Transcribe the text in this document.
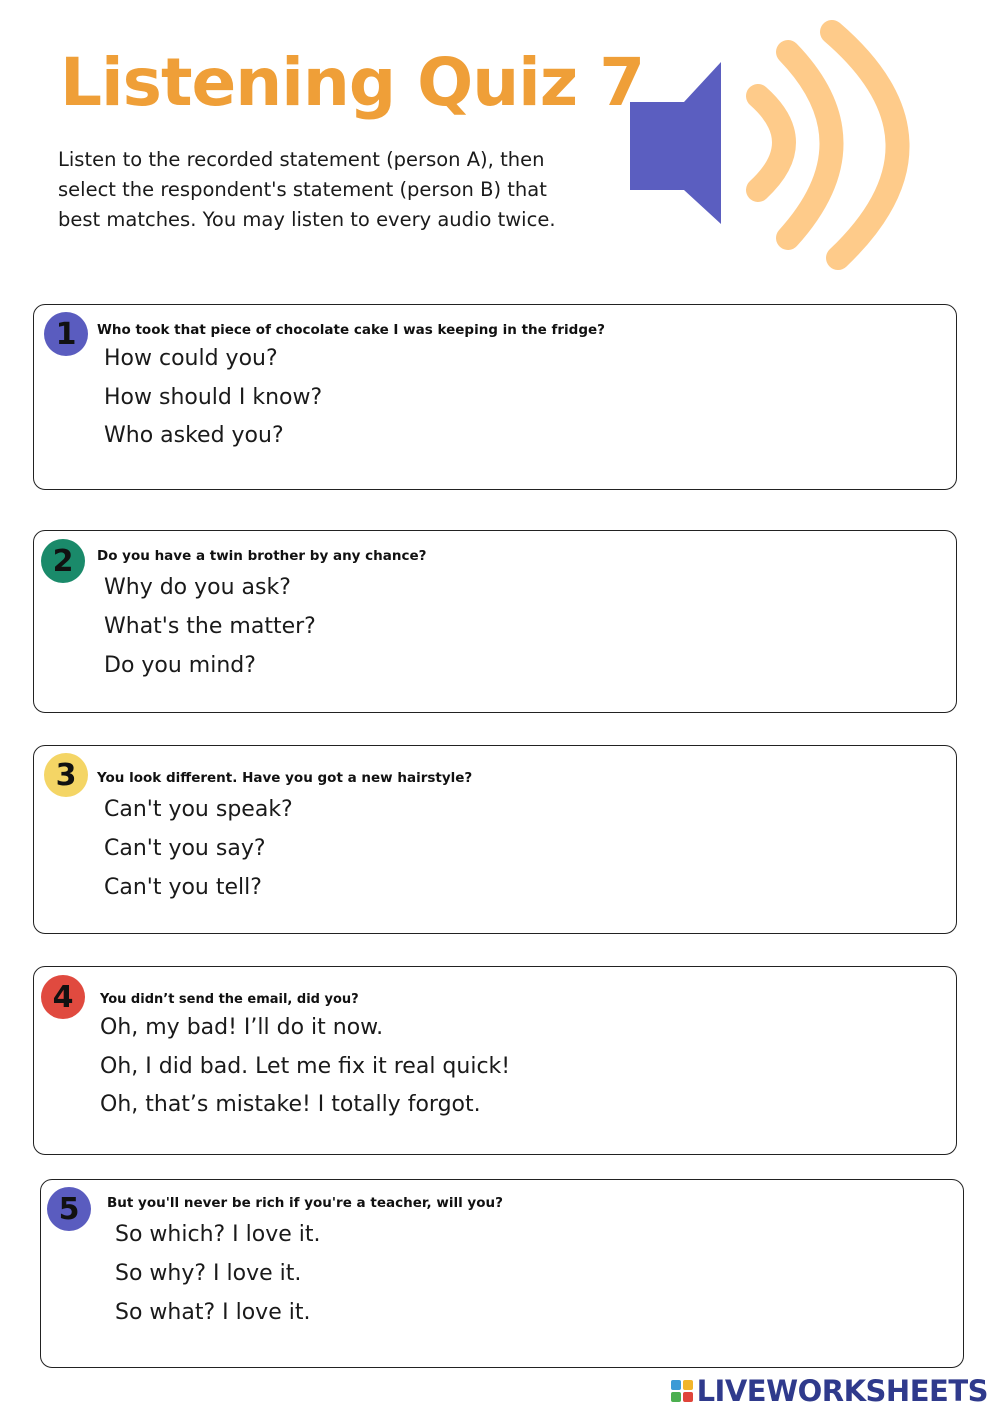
Listening Quiz 7
Listen to the recorded statement (person A), then select the respondent's statement (person B) that best matches. You may listen to every audio twice.
1	Who took that piece of chocolate cake I was keeping in the fridge?
How could you?
How should I know?
Who asked you?
2	Do you have a twin brother by any chance?
Why do you ask?
What's the matter?
Do you mind?
3	You look different. Have you got a new hairstyle?
Can't you speak?
Can't you say?
Can't you tell?
4	You didn’t send the email, did you?
Oh, my bad! I’ll do it now.
Oh, I did bad. Let me fix it real quick!
Oh, that’s mistake! I totally forgot.
5	But you'll never be rich if you're a teacher, will you?
So which? I love it.
So why? I love it.
So what? I love it.
LIVEWORKSHEETS
